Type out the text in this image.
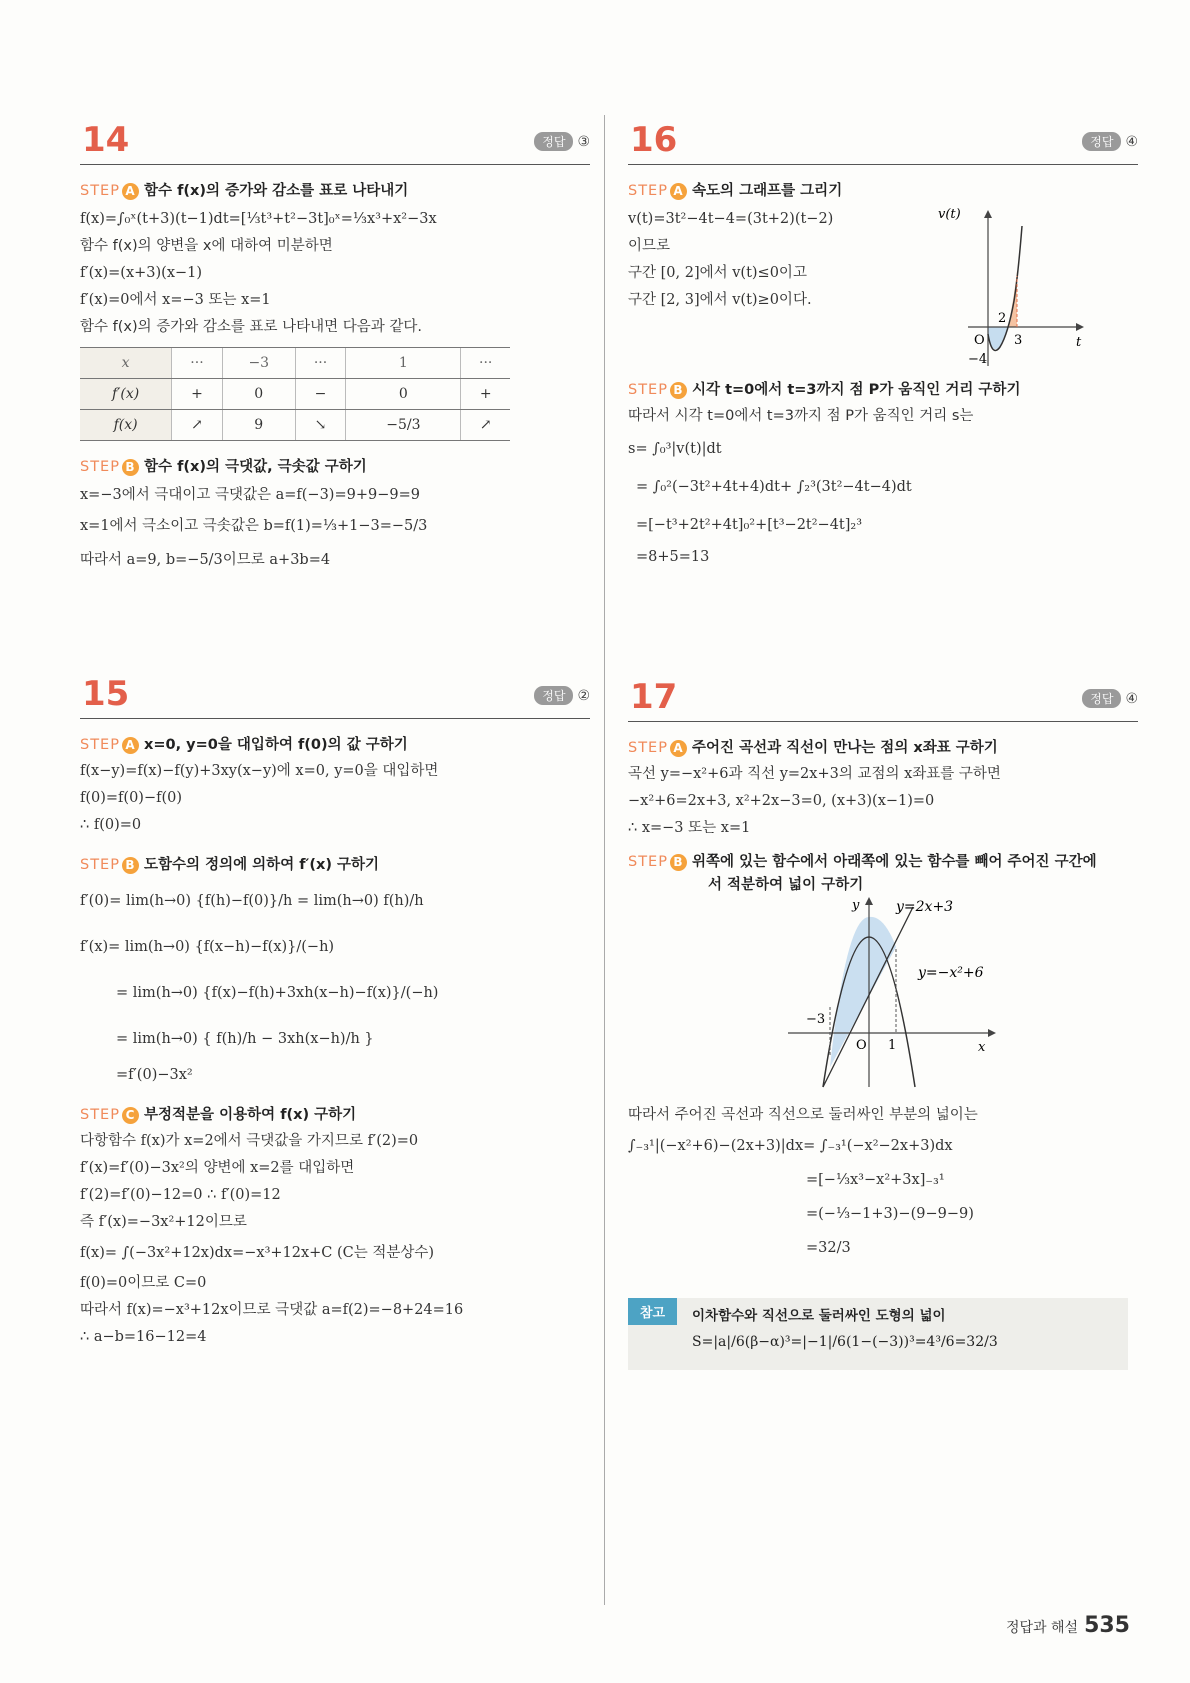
14	정답 ③
STEP A 함수 f(x)의 증가와 감소를 표로 나타내기
f(x)=∫₀ˣ(t+3)(t−1)dt=[⅓t³+t²−3t]₀ˣ=⅓x³+x²−3x
함수 f(x)의 양변을 x에 대하여 미분하면
f′(x)=(x+3)(x−1)
f′(x)=0에서 x=−3 또는 x=1
함수 f(x)의 증가와 감소를 표로 나타내면 다음과 같다.
x	···	−3	···	1	···
f′(x)	+	0	−	0	+
f(x)	↗	9	↘	−5/3	↗
STEP B 함수 f(x)의 극댓값, 극솟값 구하기
x=−3에서 극대이고 극댓값은 a=f(−3)=9+9−9=9
x=1에서 극소이고 극솟값은 b=f(1)=⅓+1−3=−5/3
따라서 a=9, b=−5/3이므로 a+3b=4
15	정답 ②
STEP A x=0, y=0을 대입하여 f(0)의 값 구하기
f(x−y)=f(x)−f(y)+3xy(x−y)에 x=0, y=0을 대입하면
f(0)=f(0)−f(0)
∴ f(0)=0
STEP B 도함수의 정의에 의하여 f′(x) 구하기
f′(0)= lim(h→0) {f(h)−f(0)}/h = lim(h→0) f(h)/h
f′(x)= lim(h→0) {f(x−h)−f(x)}/(−h)
= lim(h→0) {f(x)−f(h)+3xh(x−h)−f(x)}/(−h)
= lim(h→0) { f(h)/h − 3xh(x−h)/h }
=f′(0)−3x²
STEP C 부정적분을 이용하여 f(x) 구하기
다항함수 f(x)가 x=2에서 극댓값을 가지므로 f′(2)=0
f′(x)=f′(0)−3x²의 양변에 x=2를 대입하면
f′(2)=f′(0)−12=0 ∴ f′(0)=12
즉 f′(x)=−3x²+12이므로
f(x)= ∫(−3x²+12x)dx=−x³+12x+C (C는 적분상수)
f(0)=0이므로 C=0
따라서 f(x)=−x³+12x이므로 극댓값 a=f(2)=−8+24=16
∴ a−b=16−12=4
16	정답 ④
STEP A 속도의 그래프를 그리기
v(t)=3t²−4t−4=(3t+2)(t−2)
이므로
구간 [0, 2]에서 v(t)≤0이고
구간 [2, 3]에서 v(t)≥0이다.
v(t)
t
O
2
3
−4
STEP B 시각 t=0에서 t=3까지 점 P가 움직인 거리 구하기
따라서 시각 t=0에서 t=3까지 점 P가 움직인 거리 s는
s= ∫₀³|v(t)|dt
= ∫₀²(−3t²+4t+4)dt+ ∫₂³(3t²−4t−4)dt
=[−t³+2t²+4t]₀²+[t³−2t²−4t]₂³
=8+5=13
17	정답 ④
STEP A 주어진 곡선과 직선이 만나는 점의 x좌표 구하기
곡선 y=−x²+6과 직선 y=2x+3의 교점의 x좌표를 구하면
−x²+6=2x+3, x²+2x−3=0, (x+3)(x−1)=0
∴ x=−3 또는 x=1
STEP B 위쪽에 있는 함수에서 아래쪽에 있는 함수를 빼어 주어진 구간에
서 적분하여 넓이 구하기
y	y=2x+3
y=−x²+6
−3
O 1	x
따라서 주어진 곡선과 직선으로 둘러싸인 부분의 넓이는
∫₋₃¹|(−x²+6)−(2x+3)|dx= ∫₋₃¹(−x²−2x+3)dx
=[−⅓x³−x²+3x]₋₃¹
=(−⅓−1+3)−(9−9−9)
=32/3
참고	이차함수와 직선으로 둘러싸인 도형의 넓이
S=|a|/6(β−α)³=|−1|/6(1−(−3))³=4³/6=32/3
정답과 해설 535
